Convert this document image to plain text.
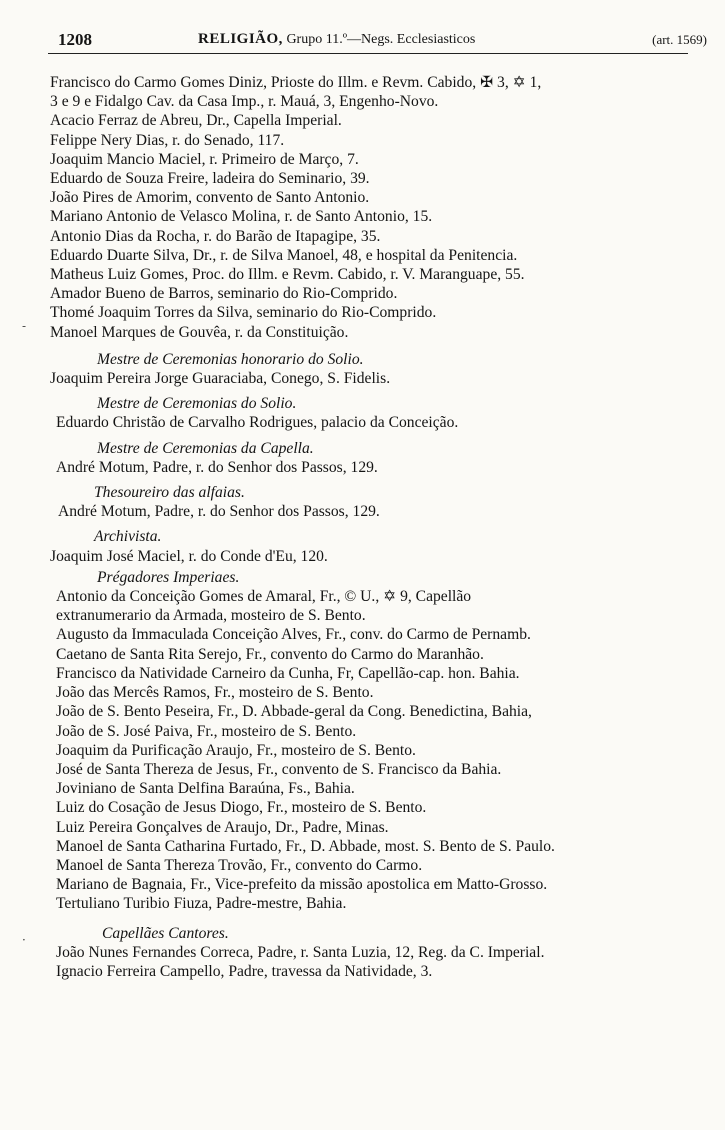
1208	RELIGIÃO, Grupo 11.º—Negs. Ecclesiasticos	(art. 1569)
-
·
Francisco do Carmo Gomes Diniz, Prioste do Illm. e Revm. Cabido, ✠ 3, ✡ 1,
3 e 9 e Fidalgo Cav. da Casa Imp., r. Mauá, 3, Engenho-Novo.
Acacio Ferraz de Abreu, Dr., Capella Imperial.
Felippe Nery Dias, r. do Senado, 117.
Joaquim Mancio Maciel, r. Primeiro de Março, 7.
Eduardo de Souza Freire, ladeira do Seminario, 39.
João Pires de Amorim, convento de Santo Antonio.
Mariano Antonio de Velasco Molina, r. de Santo Antonio, 15.
Antonio Dias da Rocha, r. do Barão de Itapagipe, 35.
Eduardo Duarte Silva, Dr., r. de Silva Manoel, 48, e hospital da Penitencia.
Matheus Luiz Gomes, Proc. do Illm. e Revm. Cabido, r. V. Maranguape, 55.
Amador Bueno de Barros, seminario do Rio-Comprido.
Thomé Joaquim Torres da Silva, seminario do Rio-Comprido.
Manoel Marques de Gouvêa, r. da Constituição.
Mestre de Ceremonias honorario do Solio.
Joaquim Pereira Jorge Guaraciaba, Conego, S. Fidelis.
Mestre de Ceremonias do Solio.
Eduardo Christão de Carvalho Rodrigues, palacio da Conceição.
Mestre de Ceremonias da Capella.
André Motum, Padre, r. do Senhor dos Passos, 129.
Thesoureiro das alfaias.
André Motum, Padre, r. do Senhor dos Passos, 129.
Archivista.
Joaquim José Maciel, r. do Conde d'Eu, 120.
Prégadores Imperiaes.
Antonio da Conceição Gomes de Amaral, Fr., © U., ✡ 9, Capellão
extranumerario da Armada, mosteiro de S. Bento.
Augusto da Immaculada Conceição Alves, Fr., conv. do Carmo de Pernamb.
Caetano de Santa Rita Serejo, Fr., convento do Carmo do Maranhão.
Francisco da Natividade Carneiro da Cunha, Fr, Capellão-cap. hon. Bahia.
João das Mercês Ramos, Fr., mosteiro de S. Bento.
João de S. Bento Peseira, Fr., D. Abbade-geral da Cong. Benedictina, Bahia,
João de S. José Paiva, Fr., mosteiro de S. Bento.
Joaquim da Purificação Araujo, Fr., mosteiro de S. Bento.
José de Santa Thereza de Jesus, Fr., convento de S. Francisco da Bahia.
Joviniano de Santa Delfina Baraúna, Fs., Bahia.
Luiz do Cosação de Jesus Diogo, Fr., mosteiro de S. Bento.
Luiz Pereira Gonçalves de Araujo, Dr., Padre, Minas.
Manoel de Santa Catharina Furtado, Fr., D. Abbade, most. S. Bento de S. Paulo.
Manoel de Santa Thereza Trovão, Fr., convento do Carmo.
Mariano de Bagnaia, Fr., Vice-prefeito da missão apostolica em Matto-Grosso.
Tertuliano Turibio Fiuza, Padre-mestre, Bahia.
Capellães Cantores.
João Nunes Fernandes Correca, Padre, r. Santa Luzia, 12, Reg. da C. Imperial.
Ignacio Ferreira Campello, Padre, travessa da Natividade, 3.
